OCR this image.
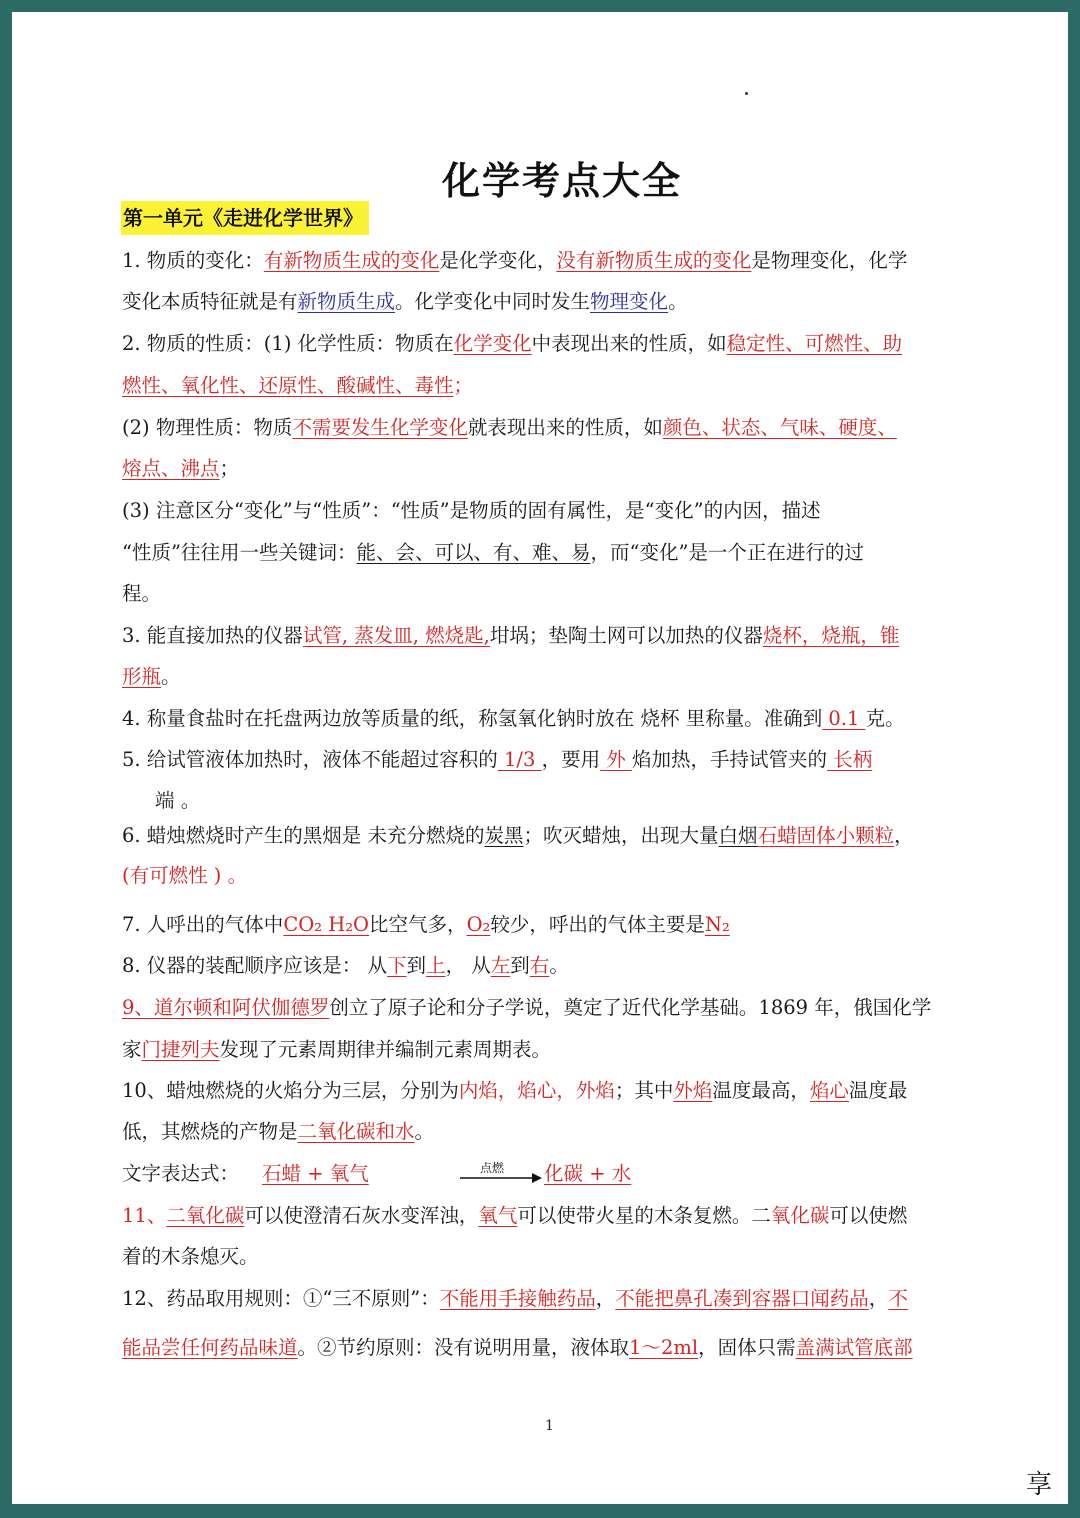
化学考点大全
第一单元《走进化学世界》
1. 物质的变化：有新物质生成的变化是化学变化，没有新物质生成的变化是物理变化，化学
变化本质特征就是有新物质生成。化学变化中同时发生物理变化。
2. 物质的性质：(1) 化学性质：物质在化学变化中表现出来的性质，如稳定性、可燃性、助
燃性、氧化性、还原性、酸碱性、毒性；
(2) 物理性质：物质不需要发生化学变化就表现出来的性质，如颜色、状态、气味、硬度、
熔点、沸点；
(3) 注意区分“变化”与“性质”：“性质”是物质的固有属性，是“变化”的内因，描述
“性质”往往用一些关键词：能、会、可以、有、难、易，而“变化”是一个正在进行的过
程。
3. 能直接加热的仪器试管, 蒸发皿, 燃烧匙,坩埚；垫陶土网可以加热的仪器烧杯，烧瓶，锥
形瓶。
4. 称量食盐时在托盘两边放等质量的纸，称氢氧化钠时放在 烧杯 里称量。准确到 0.1 克。
5. 给试管液体加热时，液体不能超过容积的 1/3 ，要用 外 焰加热，手持试管夹的 长柄
端 。
6. 蜡烛燃烧时产生的黑烟是 未充分燃烧的炭黑；吹灭蜡烛，出现大量白烟石蜡固体小颗粒，
(有可燃性 ) 。
7. 人呼出的气体中CO₂ H₂O比空气多，O₂较少，呼出的气体主要是N₂
8. 仪器的装配顺序应该是： 从下到上， 从左到右。
9、道尔顿和阿伏伽德罗创立了原子论和分子学说，奠定了近代化学基础。1869 年，俄国化学
家门捷列夫发现了元素周期律并编制元素周期表。
10、蜡烛燃烧的火焰分为三层，分别为内焰，焰心，外焰；其中外焰温度最高，焰心温度最
低，其燃烧的产物是二氧化碳和水。
文字表达式： 石蜡 + 氧气	点燃 化碳 + 水
11、二氧化碳可以使澄清石灰水变浑浊，氧气可以使带火星的木条复燃。二氧化碳可以使燃
着的木条熄灭。
12、药品取用规则：①“三不原则”：不能用手接触药品，不能把鼻孔凑到容器口闻药品，不
能品尝任何药品味道。②节约原则：没有说明用量，液体取1～2ml，固体只需盖满试管底部
1
享
